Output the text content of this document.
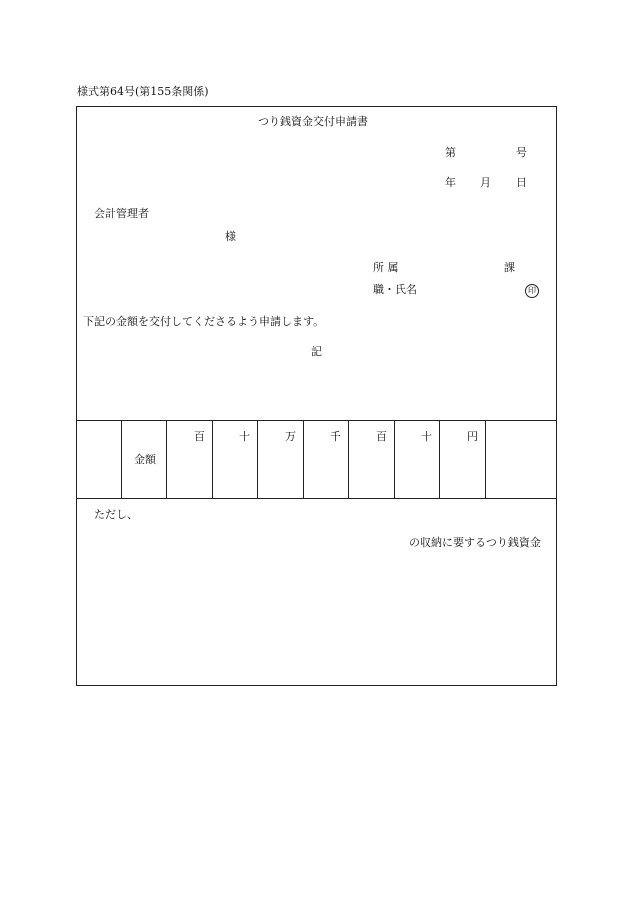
様式第64号(第155条関係)
つり銭資金交付申請書
第	号
年 月 日
会計管理者
様
所 属	課
職・氏名	印
下記の金額を交付してくださるよう申請します。
記
金額
百	十	万	千	百	十	円
ただし、
の収納に要するつり銭資金
